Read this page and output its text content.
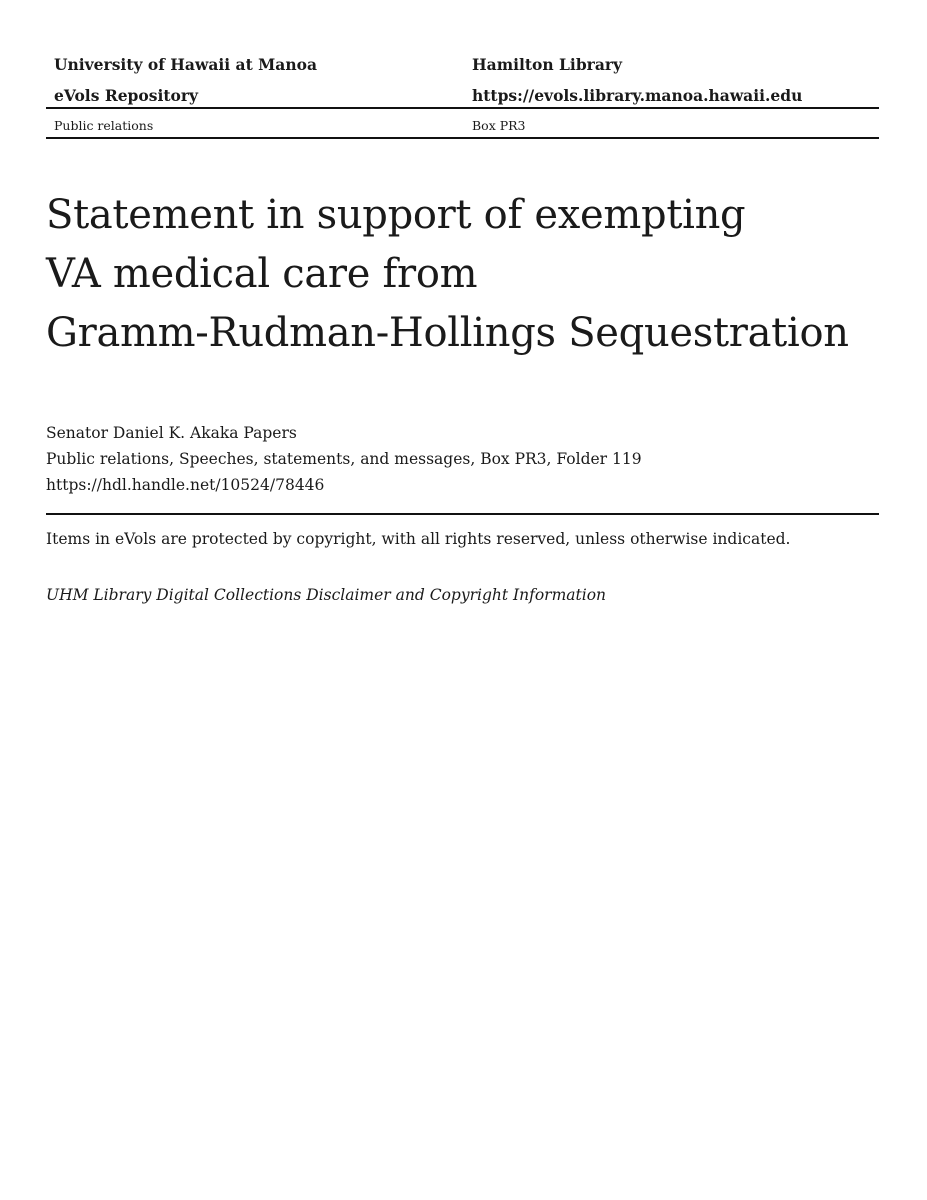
University of Hawaii at Manoa	Hamilton Library
eVols Repository	https://evols.library.manoa.hawaii.edu
Public relations	Box PR3
Statement in support of exempting
VA medical care from
Gramm-Rudman-Hollings Sequestration
Senator Daniel K. Akaka Papers
Public relations, Speeches, statements, and messages, Box PR3, Folder 119
https://hdl.handle.net/10524/78446
Items in eVols are protected by copyright, with all rights reserved, unless otherwise indicated.
UHM Library Digital Collections Disclaimer and Copyright Information
